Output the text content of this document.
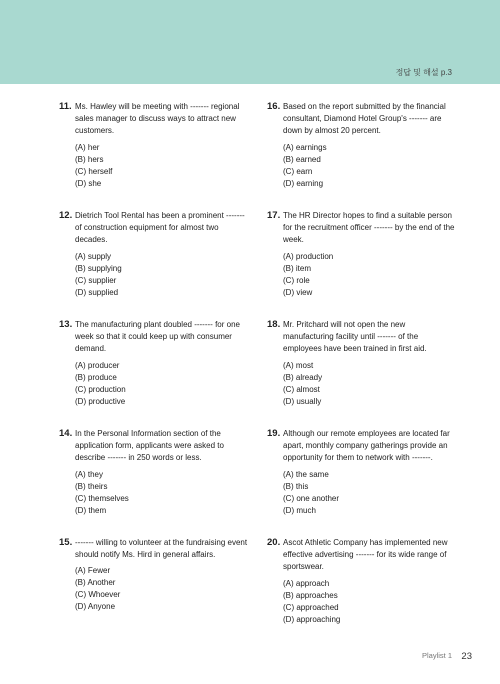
정답 및 해설 p.3
11. Ms. Hawley will be meeting with ------- regional sales manager to discuss ways to attract new customers.

(A) her

(B) hers

(C) herself

(D) she

12. Dietrich Tool Rental has been a prominent ------- of construction equipment for almost two decades.

(A) supply

(B) supplying

(C) supplier

(D) supplied

13. The manufacturing plant doubled ------- for one week so that it could keep up with consumer demand.

(A) producer

(B) produce

(C) production

(D) productive

14. In the Personal Information section of the application form, applicants were asked to describe ------- in 250 words or less.

(A) they

(B) theirs

(C) themselves

(D) them

15. ------- willing to volunteer at the fundraising event should notify Ms. Hird in general affairs.

(A) Fewer

(B) Another

(C) Whoever

(D) Anyone

16. Based on the report submitted by the financial consultant, Diamond Hotel Group's ------- are down by almost 20 percent.

(A) earnings

(B) earned

(C) earn

(D) earning

17. The HR Director hopes to find a suitable person for the recruitment officer ------- by the end of the week.

(A) production

(B) item

(C) role

(D) view

18. Mr. Pritchard will not open the new manufacturing facility until ------- of the employees have been trained in first aid.

(A) most

(B) already

(C) almost

(D) usually

19. Although our remote employees are located far apart, monthly company gatherings provide an opportunity for them to network with -------.

(A) the same

(B) this

(C) one another

(D) much

20. Ascot Athletic Company has implemented new effective advertising ------- for its wide range of sportswear.

(A) approach

(B) approaches

(C) approached

(D) approaching

Playlist 1 23
